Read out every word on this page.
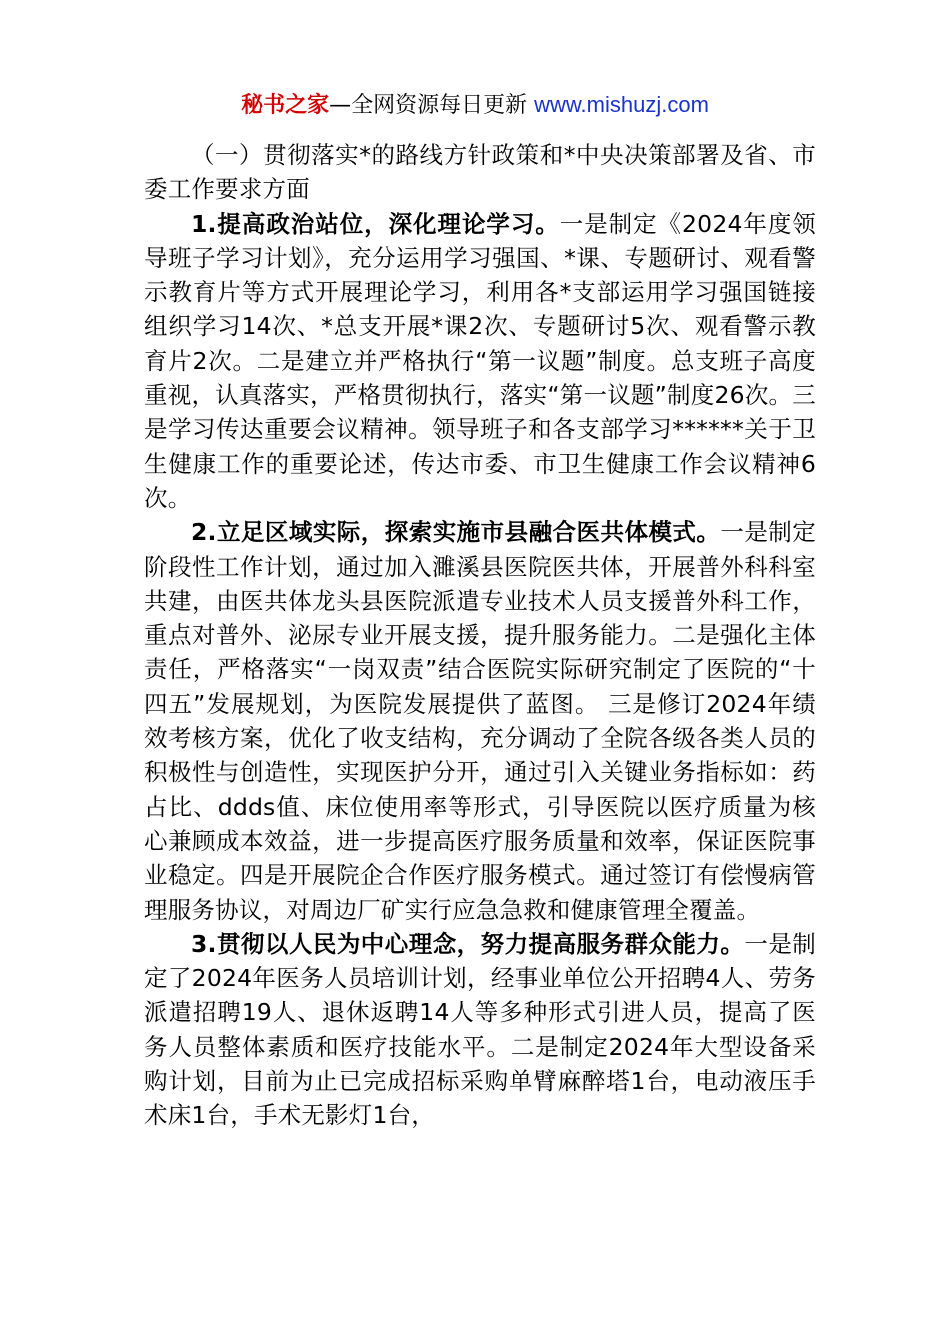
秘书之家—全网资源每日更新 www.mishuzj.com

（一）贯彻落实*的路线方针政策和*中央决策部署及省、市委工作要求方面

1.提高政治站位，深化理论学习。一是制定《2024年度领导班子学习计划》，充分运用学习强国、*课、专题研讨、观看警示教育片等方式开展理论学习，利用各*支部运用学习强国链接组织学习14次、*总支开展*课2次、专题研讨5次、观看警示教育片2次。二是建立并严格执行“第一议题”制度。总支班子高度重视，认真落实，严格贯彻执行，落实“第一议题”制度26次。三是学习传达重要会议精神。领导班子和各支部学习******关于卫生健康工作的重要论述，传达市委、市卫生健康工作会议精神6次。

2.立足区域实际，探索实施市县融合医共体模式。一是制定阶段性工作计划，通过加入濉溪县医院医共体，开展普外科科室共建，由医共体龙头县医院派遣专业技术人员支援普外科工作，重点对普外、泌尿专业开展支援，提升服务能力。二是强化主体责任，严格落实“一岗双责”结合医院实际研究制定了医院的“十四五”发展规划，为医院发展提供了蓝图。 三是修订2024年绩效考核方案，优化了收支结构，充分调动了全院各级各类人员的积极性与创造性，实现医护分开，通过引入关键业务指标如：药占比、ddds值、床位使用率等形式，引导医院以医疗质量为核心兼顾成本效益，进一步提高医疗服务质量和效率，保证医院事业稳定。四是开展院企合作医疗服务模式。通过签订有偿慢病管理服务协议，对周边厂矿实行应急急救和健康管理全覆盖。

3.贯彻以人民为中心理念，努力提高服务群众能力。一是制定了2024年医务人员培训计划，经事业单位公开招聘4人、劳务派遣招聘19人、退休返聘14人等多种形式引进人员，提高了医务人员整体素质和医疗技能水平。二是制定2024年大型设备采购计划，目前为止已完成招标采购单臂麻醉塔1台，电动液压手术床1台，手术无影灯1台，
